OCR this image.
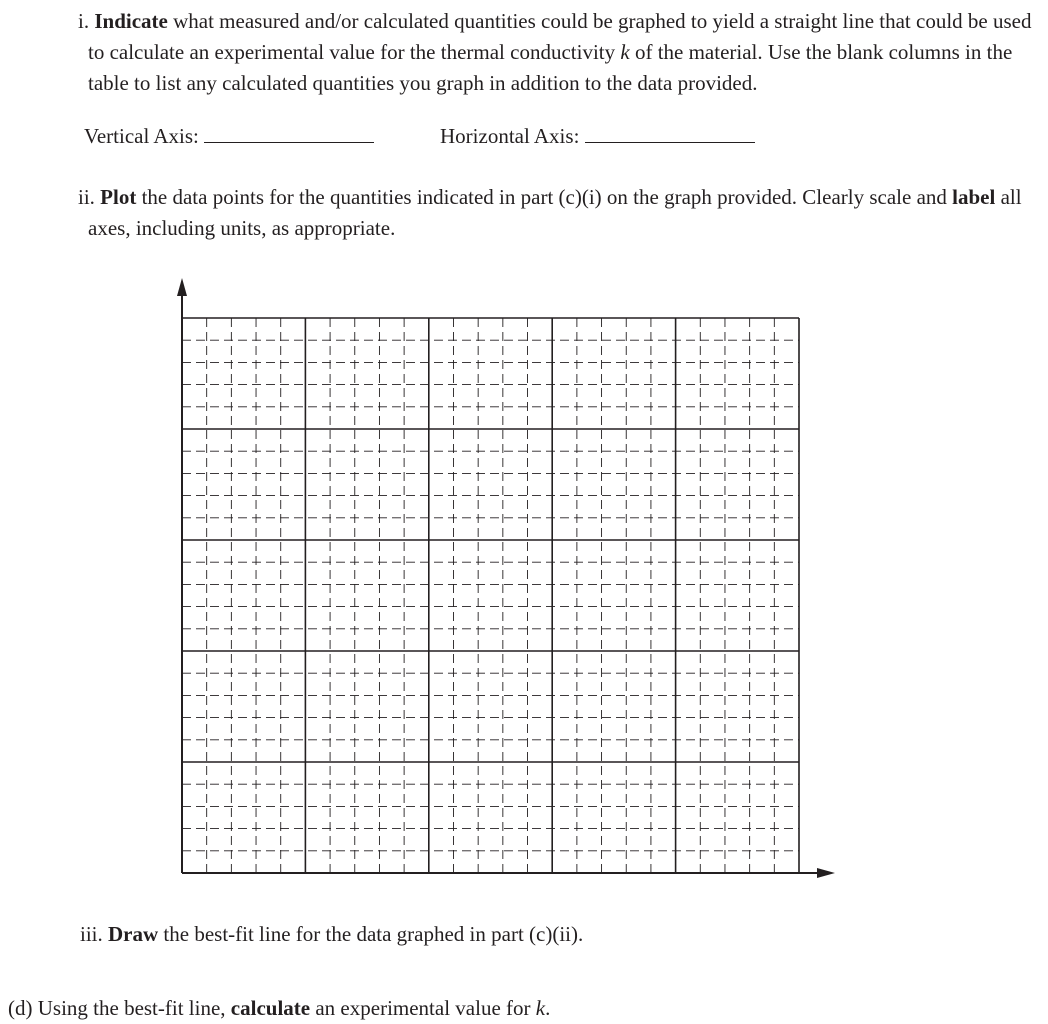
i. Indicate what measured and/or calculated quantities could be graphed to yield a straight line that could be used to calculate an experimental value for the thermal conductivity k of the material. Use the blank columns in the table to list any calculated quantities you graph in addition to the data provided.
Vertical Axis:	Horizontal Axis:
ii. Plot the data points for the quantities indicated in part (c)(i) on the graph provided. Clearly scale and label all axes, including units, as appropriate.
iii. Draw the best-fit line for the data graphed in part (c)(ii).
(d) Using the best-fit line, calculate an experimental value for k.
